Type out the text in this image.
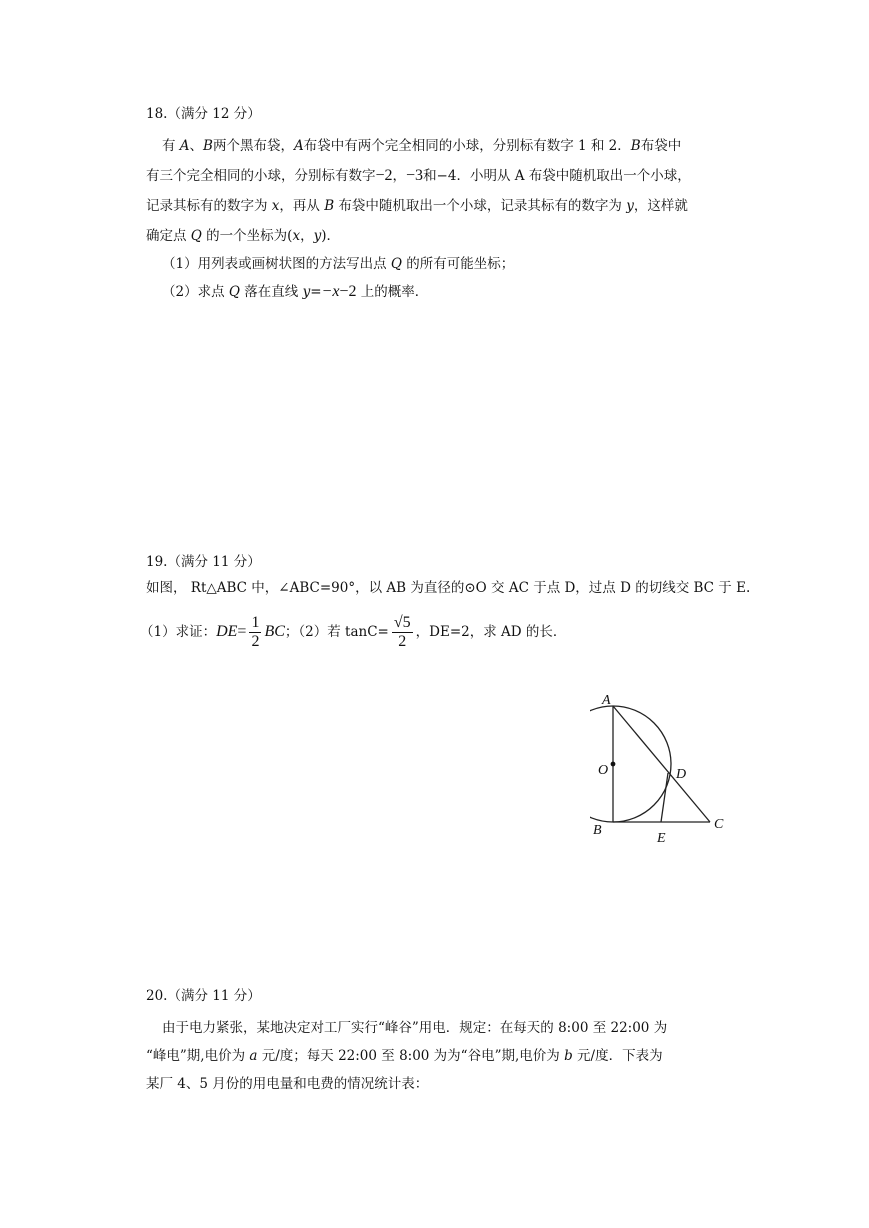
18.（满分 12 分）
有 A、B两个黑布袋，A布袋中有两个完全相同的小球，分别标有数字 1 和 2．B布袋中
有三个完全相同的小球，分别标有数字−2，−3和−4．小明从 A 布袋中随机取出一个小球，
记录其标有的数字为 x，再从 B 布袋中随机取出一个小球，记录其标有的数字为 y，这样就
确定点 Q 的一个坐标为(x，y)．
（1）用列表或画树状图的方法写出点 Q 的所有可能坐标；
（2）求点 Q 落在直线 y=−x−2 上的概率．
19.（满分 11 分）
如图， Rt△ABC 中，∠ABC=90°，以 AB 为直径的⊙O 交 AC 于点 D，过点 D 的切线交 BC 于 E.
（1）求证：$DE= \frac{1}{2}$ BC；（2）若 $\tan C= \frac{√5}{2}$ ，DE=2，求 AD 的长．
A
O	D
B
E
C
20.（满分 11 分）
由于电力紧张，某地决定对工厂实行“峰谷”用电．规定：在每天的 8:00 至 22:00 为
“峰电”期,电价为 a 元/度；每天 22:00 至 8:00 为为“谷电”期,电价为 b 元/度．下表为
某厂 4、5 月份的用电量和电费的情况统计表：
